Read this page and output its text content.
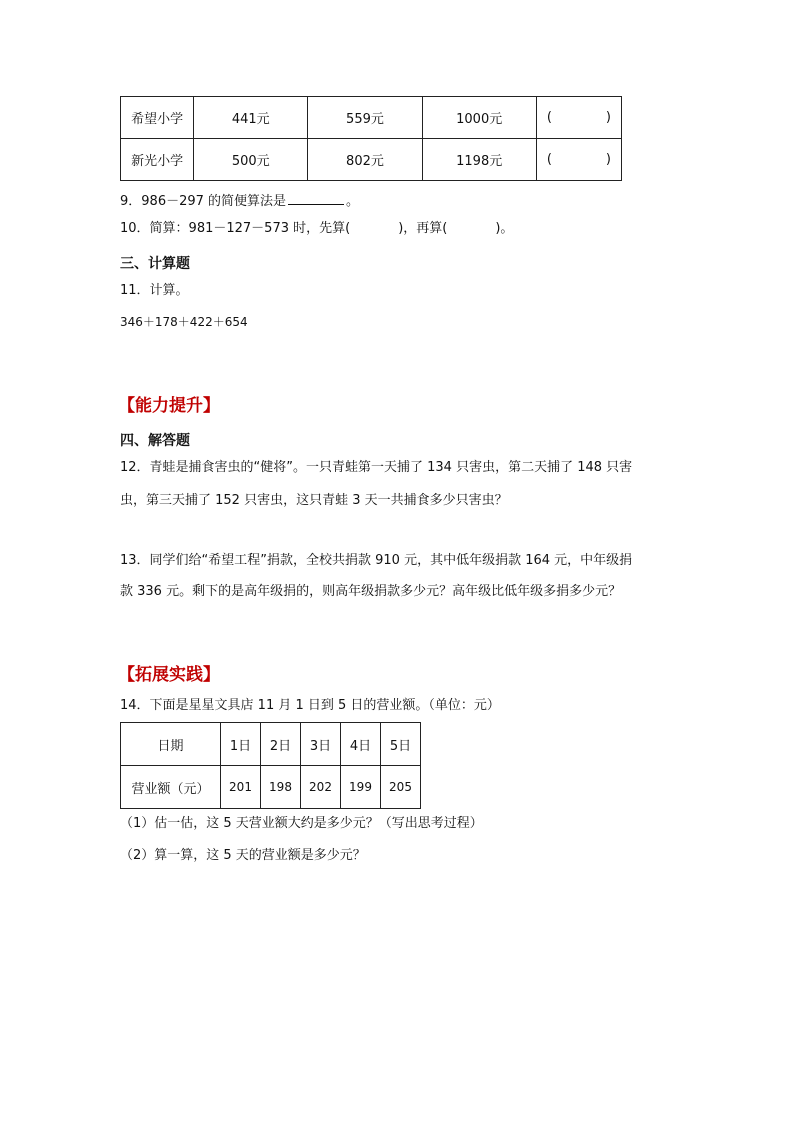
希望小学	441元	559元	1000元	( )

新光小学	500元	802元	1198元	( )
9．986－297 的简便算法是	。
10．简算：981－127－573 时，先算(	)，再算(	)。
三、计算题
11．计算。
346＋178＋422＋654
【能力提升】
四、解答题
12．青蛙是捕食害虫的“健将”。一只青蛙第一天捕了 134 只害虫，第二天捕了 148 只害
虫，第三天捕了 152 只害虫，这只青蛙 3 天一共捕食多少只害虫？
13．同学们给“希望工程”捐款，全校共捐款 910 元，其中低年级捐款 164 元，中年级捐
款 336 元。剩下的是高年级捐的，则高年级捐款多少元？高年级比低年级多捐多少元？
【拓展实践】
14．下面是星星文具店 11 月 1 日到 5 日的营业额。（单位：元）
日期	1日	2日	3日	4日	5日
营业额（元）	201	198	202	199	205
（1）估一估，这 5 天营业额大约是多少元？（写出思考过程）
（2）算一算，这 5 天的营业额是多少元？
